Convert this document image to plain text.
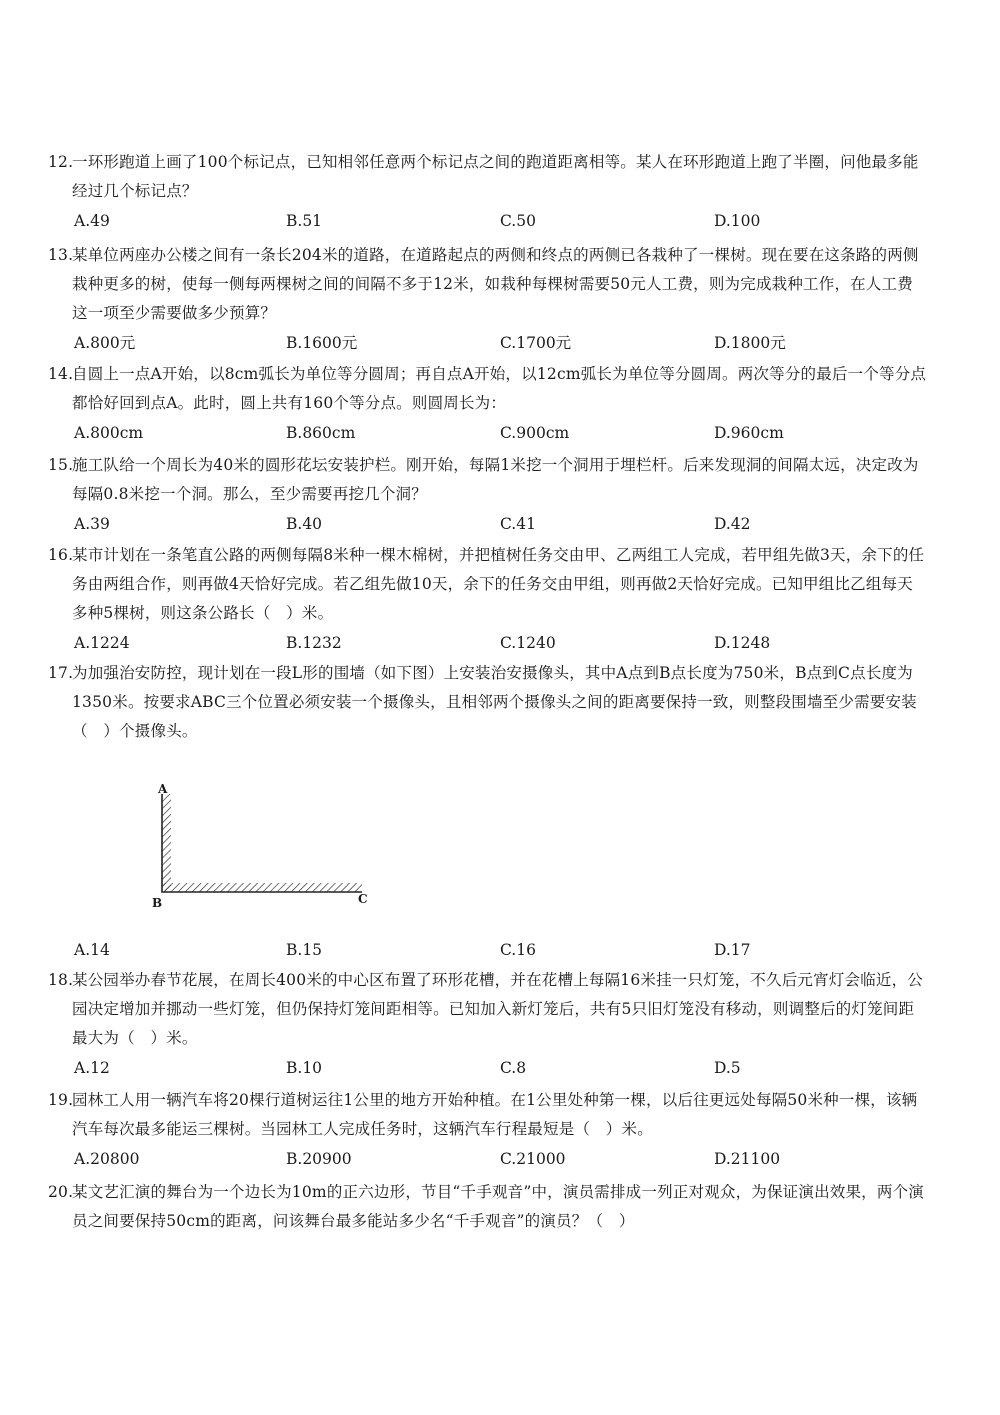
12.
一环形跑道上画了100个标记点，已知相邻任意两个标记点之间的跑道距离相等。某人在环形跑道上跑了半圈，问他最多能经过几个标记点？
A.49	B.51	C.50	D.100
13.
某单位两座办公楼之间有一条长204米的道路，在道路起点的两侧和终点的两侧已各栽种了一棵树。现在要在这条路的两侧栽种更多的树，使每一侧每两棵树之间的间隔不多于12米，如栽种每棵树需要50元人工费，则为完成栽种工作，在人工费这一项至少需要做多少预算？
A.800元	B.1600元	C.1700元	D.1800元
14.
自圆上一点A开始，以8cm弧长为单位等分圆周；再自点A开始，以12cm弧长为单位等分圆周。两次等分的最后一个等分点都恰好回到点A。此时，圆上共有160个等分点。则圆周长为：
A.800cm	B.860cm	C.900cm	D.960cm
15.
施工队给一个周长为40米的圆形花坛安装护栏。刚开始，每隔1米挖一个洞用于埋栏杆。后来发现洞的间隔太远，决定改为每隔0.8米挖一个洞。那么，至少需要再挖几个洞？
A.39	B.40	C.41	D.42
16.
某市计划在一条笔直公路的两侧每隔8米种一棵木棉树，并把植树任务交由甲、乙两组工人完成，若甲组先做3天，余下的任务由两组合作，则再做4天恰好完成。若乙组先做10天，余下的任务交由甲组，则再做2天恰好完成。已知甲组比乙组每天多种5棵树，则这条公路长（　）米。
A.1224	B.1232	C.1240	D.1248
17.
为加强治安防控，现计划在一段L形的围墙（如下图）上安装治安摄像头，其中A点到B点长度为750米，B点到C点长度为1350米。按要求ABC三个位置必须安装一个摄像头，且相邻两个摄像头之间的距离要保持一致，则整段围墙至少需要安装（　）个摄像头。
A
B	C
A.14	B.15	C.16	D.17
18.
某公园举办春节花展，在周长400米的中心区布置了环形花槽，并在花槽上每隔16米挂一只灯笼，不久后元宵灯会临近，公园决定增加并挪动一些灯笼，但仍保持灯笼间距相等。已知加入新灯笼后，共有5只旧灯笼没有移动，则调整后的灯笼间距最大为（　）米。
A.12	B.10	C.8	D.5
19.
园林工人用一辆汽车将20棵行道树运往1公里的地方开始种植。在1公里处种第一棵，以后往更远处每隔50米种一棵，该辆汽车每次最多能运三棵树。当园林工人完成任务时，这辆汽车行程最短是（　）米。
A.20800	B.20900	C.21000	D.21100
20.
某文艺汇演的舞台为一个边长为10m的正六边形，节目“千手观音”中，演员需排成一列正对观众，为保证演出效果，两个演员之间要保持50cm的距离，问该舞台最多能站多少名“千手观音”的演员？（　）
